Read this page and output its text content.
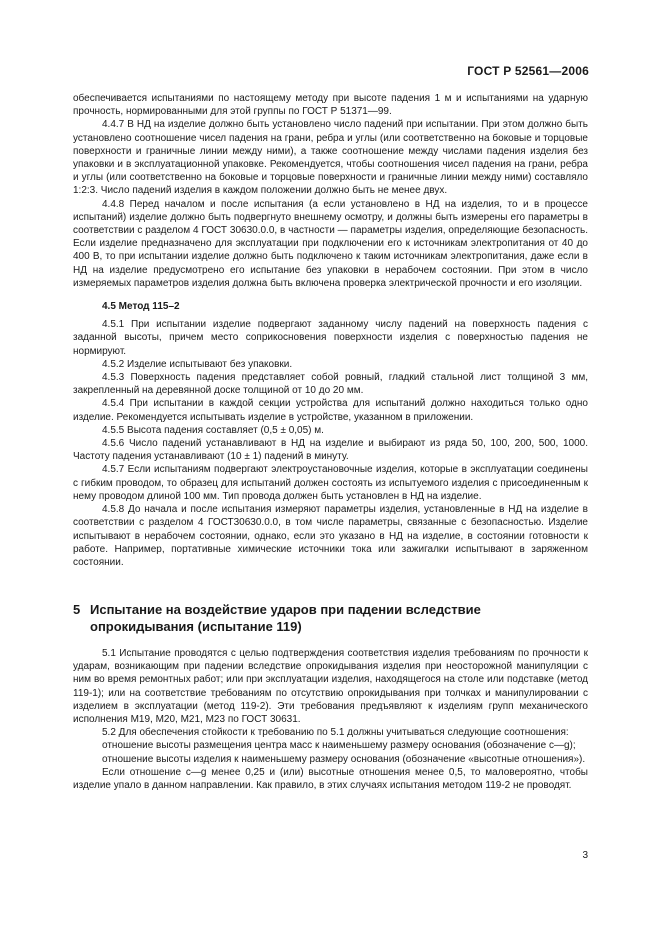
ГОСТ Р 52561—2006

обеспечивается испытаниями по настоящему методу при высоте падения 1 м и испытаниями на ударную прочность, нормированными для этой группы по ГОСТ Р 51371—99.

4.4.7 В НД на изделие должно быть установлено число падений при испытании. При этом должно быть установлено соотношение чисел падения на грани, ребра и углы (или соответственно на боковые и торцовые поверхности и граничные линии между ними), а также соотношение между числами падения изделия без упаковки и в эксплуатационной упаковке. Рекомендуется, чтобы соотношения чисел падения на грани, ребра и углы (или соответственно на боковые и торцовые поверхности и граничные линии между ними) составляло 1:2:3. Число падений изделия в каждом положении должно быть не менее двух.

4.4.8 Перед началом и после испытания (а если установлено в НД на изделия, то и в процессе испытаний) изделие должно быть подвергнуто внешнему осмотру, и должны быть измерены его параметры в соответствии с разделом 4 ГОСТ 30630.0.0, в частности — параметры изделия, определяющие безопасность. Если изделие предназначено для эксплуатации при подключении его к источникам электропитания от 40 до 400 В, то при испытании изделие должно быть подключено к таким источникам электропитания, даже если в НД на изделие предусмотрено его испытание без упаковки в нерабочем состоянии. При этом в число измеряемых параметров изделия должна быть включена проверка электрической прочности и его изоляции.

4.5 Метод 115–2

4.5.1 При испытании изделие подвергают заданному числу падений на поверхность падения с заданной высоты, причем место соприкосновения поверхности изделия с поверхностью падения не нормируют.

4.5.2 Изделие испытывают без упаковки.

4.5.3 Поверхность падения представляет собой ровный, гладкий стальной лист толщиной 3 мм, закрепленный на деревянной доске толщиной от 10 до 20 мм.

4.5.4 При испытании в каждой секции устройства для испытаний должно находиться только одно изделие. Рекомендуется испытывать изделие в устройстве, указанном в приложении.

4.5.5 Высота падения составляет (0,5 ± 0,05) м.

4.5.6 Число падений устанавливают в НД на изделие и выбирают из ряда 50, 100, 200, 500, 1000. Частоту падения устанавливают (10 ± 1) падений в минуту.

4.5.7 Если испытаниям подвергают электроустановочные изделия, которые в эксплуатации соединены с гибким проводом, то образец для испытаний должен состоять из испытуемого изделия с присоединенным к нему проводом длиной 100 мм. Тип провода должен быть установлен в НД на изделие.

4.5.8 До начала и после испытания измеряют параметры изделия, установленные в НД на изделие в соответствии с разделом 4 ГОСТ30630.0.0, в том числе параметры, связанные с безопасностью. Изделие испытывают в нерабочем состоянии, однако, если это указано в НД на изделие, в состоянии готовности к работе. Например, портативные химические источники тока или зажигалки испытывают в заряженном состоянии.

5 Испытание на воздействие ударов при падении вследствие
опрокидывания (испытание 119)

5.1 Испытание проводятся с целью подтверждения соответствия изделия требованиям по прочности к ударам, возникающим при падении вследствие опрокидывания изделия при неосторожной манипуляции с ним во время ремонтных работ; или при эксплуатации изделия, находящегося на столе или подставке (метод 119-1); или на соответствие требованиям по отсутствию опрокидывания при толчках и манипулировании с изделием в эксплуатации (метод 119-2). Эти требования предъявляют к изделиям групп механического исполнения М19, М20, М21, М23 по ГОСТ 30631.

5.2 Для обеспечения стойкости к требованию по 5.1 должны учитываться следующие соотношения:

отношение высоты размещения центра масс к наименьшему размеру основания (обозначение с—g);

отношение высоты изделия к наименьшему размеру основания (обозначение «высотные отношения»).

Если отношение с—g менее 0,25 и (или) высотные отношения менее 0,5, то маловероятно, чтобы изделие упало в данном направлении. Как правило, в этих случаях испытания методом 119-2 не проводят.

3
